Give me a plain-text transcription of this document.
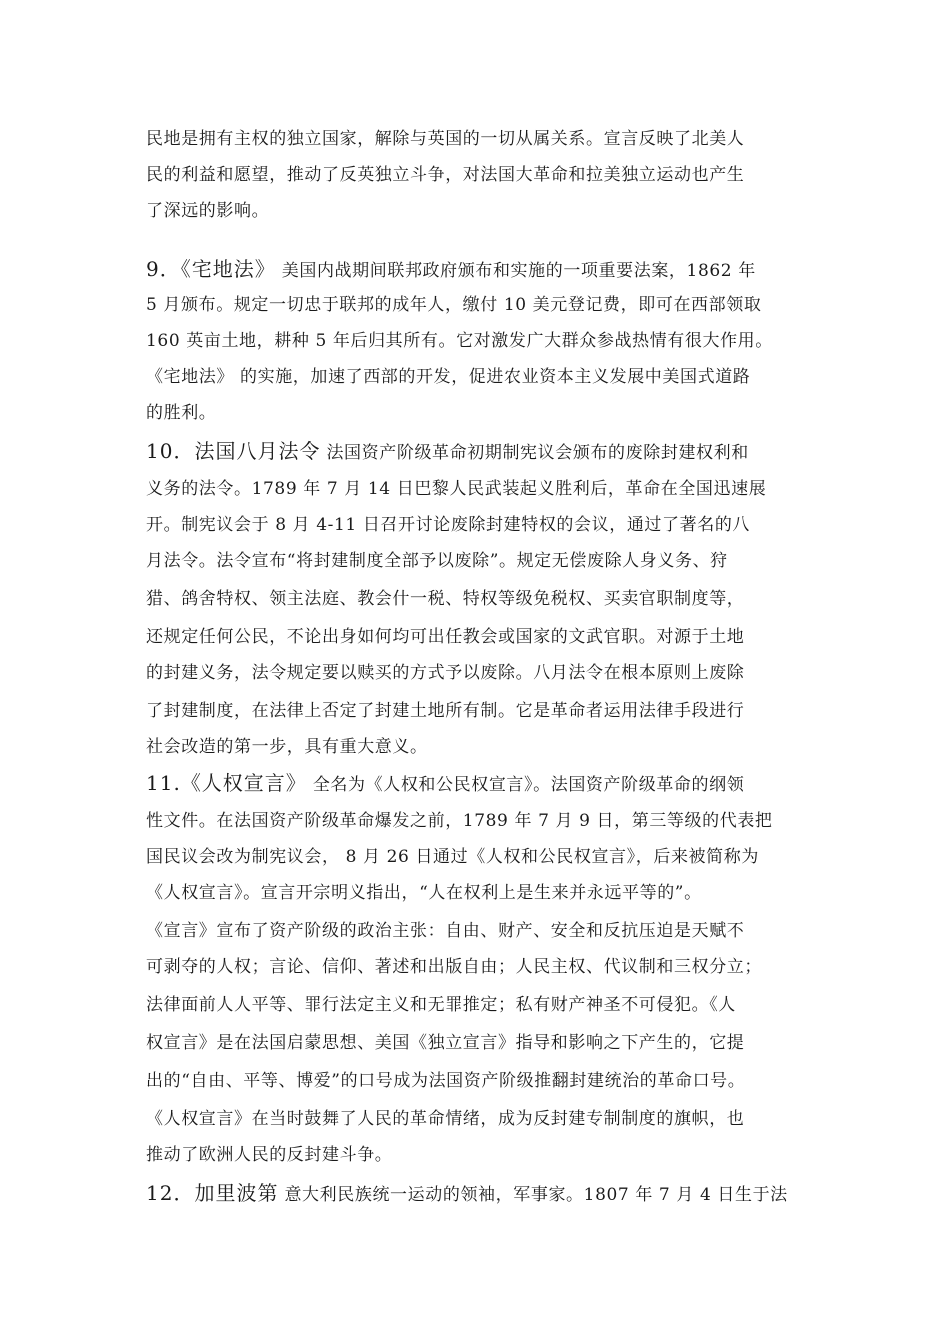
民地是拥有主权的独立国家，解除与英国的一切从属关系。宣言反映了北美人
民的利益和愿望，推动了反英独立斗争，对法国大革命和拉美独立运动也产生
了深远的影响。
9．《宅地法》 美国内战期间联邦政府颁布和实施的一项重要法案，1862 年
5 月颁布。规定一切忠于联邦的成年人，缴付 10 美元登记费，即可在西部领取
160 英亩土地，耕种 5 年后归其所有。它对激发广大群众参战热情有很大作用。
《宅地法》 的实施，加速了西部的开发，促进农业资本主义发展中美国式道路
的胜利。
10．法国八月法令 法国资产阶级革命初期制宪议会颁布的废除封建权利和
义务的法令。1789 年 7 月 14 日巴黎人民武装起义胜利后，革命在全国迅速展
开。制宪议会于 8 月 4-11 日召开讨论废除封建特权的会议，通过了著名的八
月法令。法令宣布“将封建制度全部予以废除”。规定无偿废除人身义务、狩
猎、鸽舍特权、领主法庭、教会什一税、特权等级免税权、买卖官职制度等，
还规定任何公民，不论出身如何均可出任教会或国家的文武官职。对源于土地
的封建义务，法令规定要以赎买的方式予以废除。八月法令在根本原则上废除
了封建制度，在法律上否定了封建土地所有制。它是革命者运用法律手段进行
社会改造的第一步，具有重大意义。
11.《人权宣言》 全名为《人权和公民权宣言》。法国资产阶级革命的纲领
性文件。在法国资产阶级革命爆发之前，1789 年 7 月 9 日，第三等级的代表把
国民议会改为制宪议会， 8 月 26 日通过《人权和公民权宣言》，后来被简称为
《人权宣言》。宣言开宗明义指出，“人在权利上是生来并永远平等的”。
《宣言》宣布了资产阶级的政治主张：自由、财产、安全和反抗压迫是天赋不
可剥夺的人权；言论、信仰、著述和出版自由；人民主权、代议制和三权分立；
法律面前人人平等、罪行法定主义和无罪推定；私有财产神圣不可侵犯。《人
权宣言》是在法国启蒙思想、美国《独立宣言》指导和影响之下产生的，它提
出的“自由、平等、博爱”的口号成为法国资产阶级推翻封建统治的革命口号。
《人权宣言》在当时鼓舞了人民的革命情绪，成为反封建专制制度的旗帜，也
推动了欧洲人民的反封建斗争。
12．加里波第 意大利民族统一运动的领袖，军事家。1807 年 7 月 4 日生于法
